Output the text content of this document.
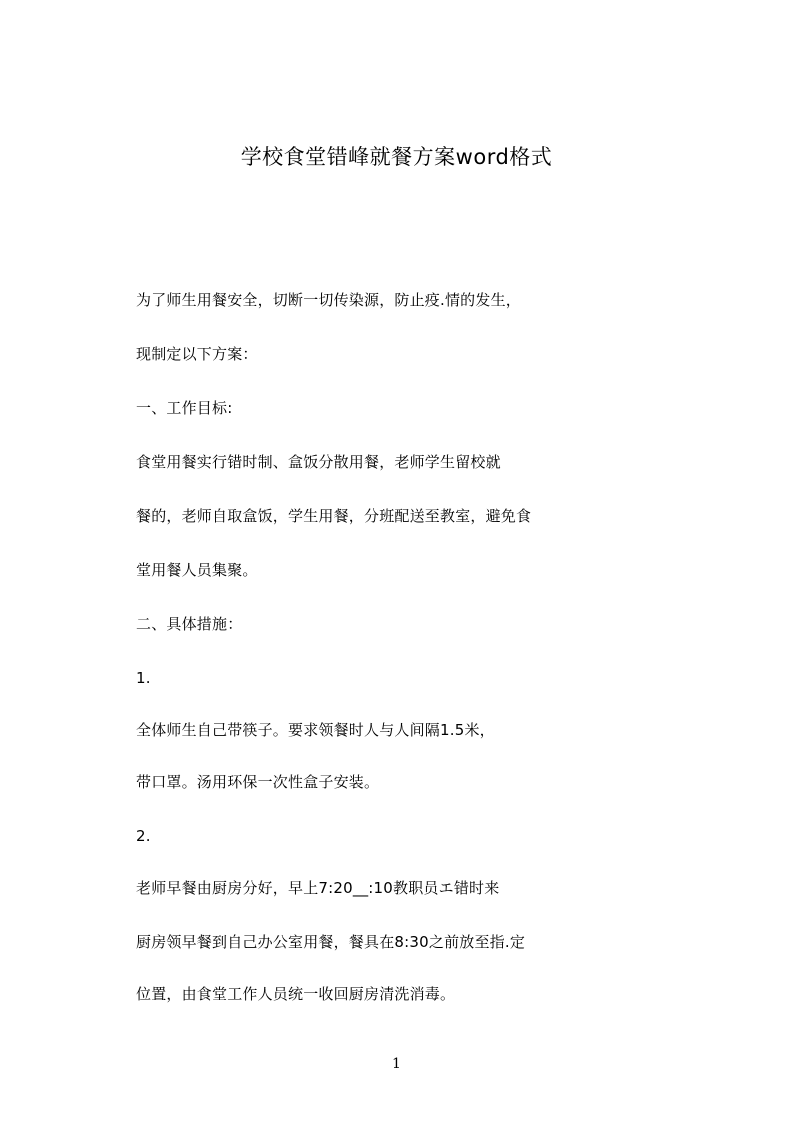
学校食堂错峰就餐方案word格式
为了师生用餐安全，切断一切传染源，防止疫.情的发生，
现制定以下方案：
一、工作目标:
食堂用餐实行错时制、盒饭分散用餐，老师学生留校就
餐的，老师自取盒饭，学生用餐，分班配送至教室，避免食
堂用餐人员集聚。
二、具体措施：
1.
全体师生自己带筷子。要求领餐时人与人间隔1.5米，
带口罩。汤用环保一次性盒子安装。
2.
老师早餐由厨房分好，早上7:20__:10教职员エ错时来
厨房领早餐到自己办公室用餐，餐具在8:30之前放至指.定
位置，由食堂工作人员统一收回厨房清洗消毒。
1
